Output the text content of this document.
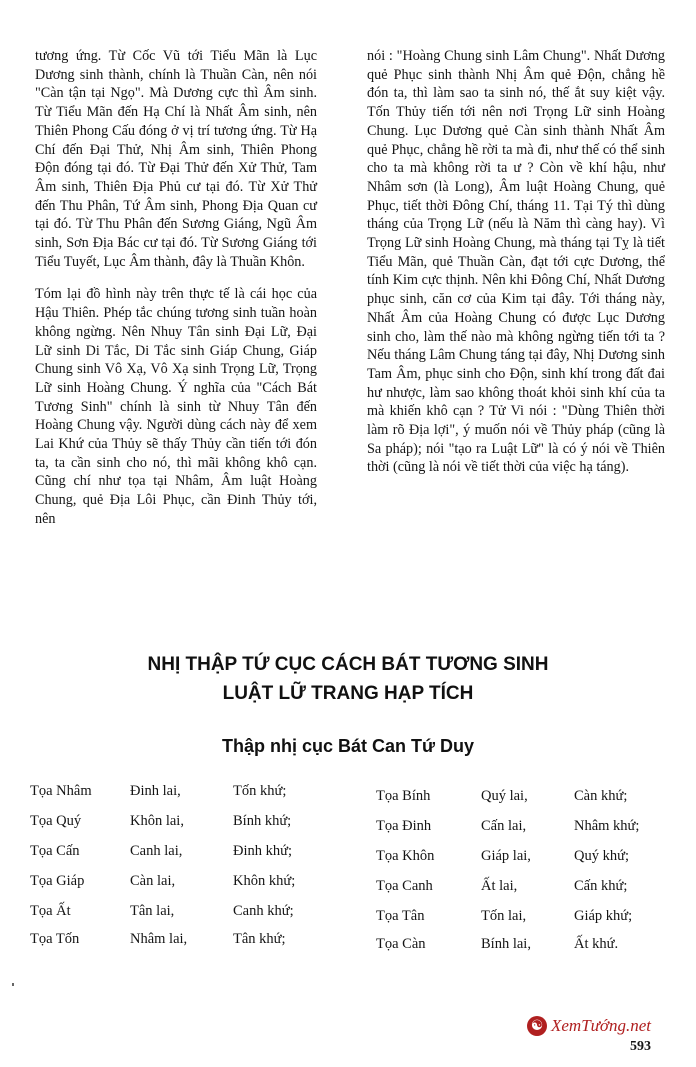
tương ứng. Từ Cốc Vũ tới Tiểu Mãn là Lục Dương sinh thành, chính là Thuần Càn, nên nói "Càn tận tại Ngọ". Mà Dương cực thì Âm sinh. Từ Tiểu Mãn đến Hạ Chí là Nhất Âm sinh, nên Thiên Phong Cấu đóng ở vị trí tương ứng. Từ Hạ Chí đến Đại Thử, Nhị Âm sinh, Thiên Phong Độn đóng tại đó. Từ Đại Thử đến Xử Thử, Tam Âm sinh, Thiên Địa Phủ cư tại đó. Từ Xử Thử đến Thu Phân, Tứ Âm sinh, Phong Địa Quan cư tại đó. Từ Thu Phân đến Sương Giáng, Ngũ Âm sinh, Sơn Địa Bác cư tại đó. Từ Sương Giáng tới Tiểu Tuyết, Lục Âm thành, đây là Thuần Khôn.

Tóm lại đồ hình này trên thực tế là cái học của Hậu Thiên. Phép tắc chúng tương sinh tuần hoàn không ngừng. Nên Nhuy Tân sinh Đại Lữ, Đại Lữ sinh Di Tắc, Di Tắc sinh Giáp Chung, Giáp Chung sinh Vô Xạ, Vô Xạ sinh Trọng Lữ, Trọng Lữ sinh Hoàng Chung. Ý nghĩa của "Cách Bát Tương Sinh" chính là sinh từ Nhuy Tân đến Hoàng Chung vậy. Người dùng cách này để xem Lai Khứ của Thủy sẽ thấy Thủy cần tiến tới đón ta, ta cần sinh cho nó, thì mãi không khô cạn. Cũng chí như tọa tại Nhâm, Âm luật Hoàng Chung, quẻ Địa Lôi Phục, cần Đinh Thủy tới, nên

nói : "Hoàng Chung sinh Lâm Chung". Nhất Dương quẻ Phục sinh thành Nhị Âm quẻ Độn, chẳng hề đón ta, thì làm sao ta sinh nó, thế ắt suy kiệt vậy. Tốn Thủy tiến tới nên nơi Trọng Lữ sinh Hoàng Chung. Lục Dương quẻ Càn sinh thành Nhất Âm quẻ Phục, chẳng hề rời ta mà đi, như thế có thể sinh cho ta mà không rời ta ư ? Còn về khí hậu, như Nhâm sơn (là Long), Âm luật Hoàng Chung, quẻ Phục, tiết thời Đông Chí, tháng 11. Tại Tý thì dùng tháng của Trọng Lữ (nếu là Năm thì càng hay). Vì Trọng Lữ sinh Hoàng Chung, mà tháng tại Tỵ là tiết Tiểu Mãn, quẻ Thuần Càn, đạt tới cực Dương, thể tính Kim cực thịnh. Nên khi Đông Chí, Nhất Dương phục sinh, căn cơ của Kim tại đây. Tới tháng này, Nhất Âm của Hoàng Chung có được Lục Dương sinh cho, làm thế nào mà không ngừng tiến tới ta ? Nếu tháng Lâm Chung táng tại đây, Nhị Dương sinh Tam Âm, phục sinh cho Độn, sinh khí trong đất đai hư nhược, làm sao không thoát khỏi sinh khí của ta mà khiến khô cạn ? Tử Vi nói : "Dùng Thiên thời làm rõ Địa lợi", ý muốn nói về Thủy pháp (cũng là Sa pháp); nói "tạo ra Luật Lữ" là có ý nói về Thiên thời (cũng là nói về tiết thời của việc hạ táng).

NHỊ THẬP TỨ CỤC CÁCH BÁT TƯƠNG SINH
LUẬT LỮ TRANG HẠP TÍCH
Thập nhị cục Bát Can Tứ Duy
Tọa Nhâm	Đinh lai,	Tốn khứ;
Tọa Quý	Khôn lai,	Bính khứ;
Tọa Cấn	Canh lai,	Đinh khứ;
Tọa Giáp	Càn lai,	Khôn khứ;
Tọa Ất	Tân lai,	Canh khứ;
Tọa Tốn	Nhâm lai,	Tân khứ;
Tọa Bính	Quý lai,	Càn khứ;
Tọa Đinh	Cấn lai,	Nhâm khứ;
Tọa Khôn	Giáp lai,	Quý khứ;
Tọa Canh	Ất lai,	Cấn khứ;
Tọa Tân	Tốn lai,	Giáp khứ;
Tọa Càn	Bính lai,	Ất khứ.
☯ XemTướng.net
593
